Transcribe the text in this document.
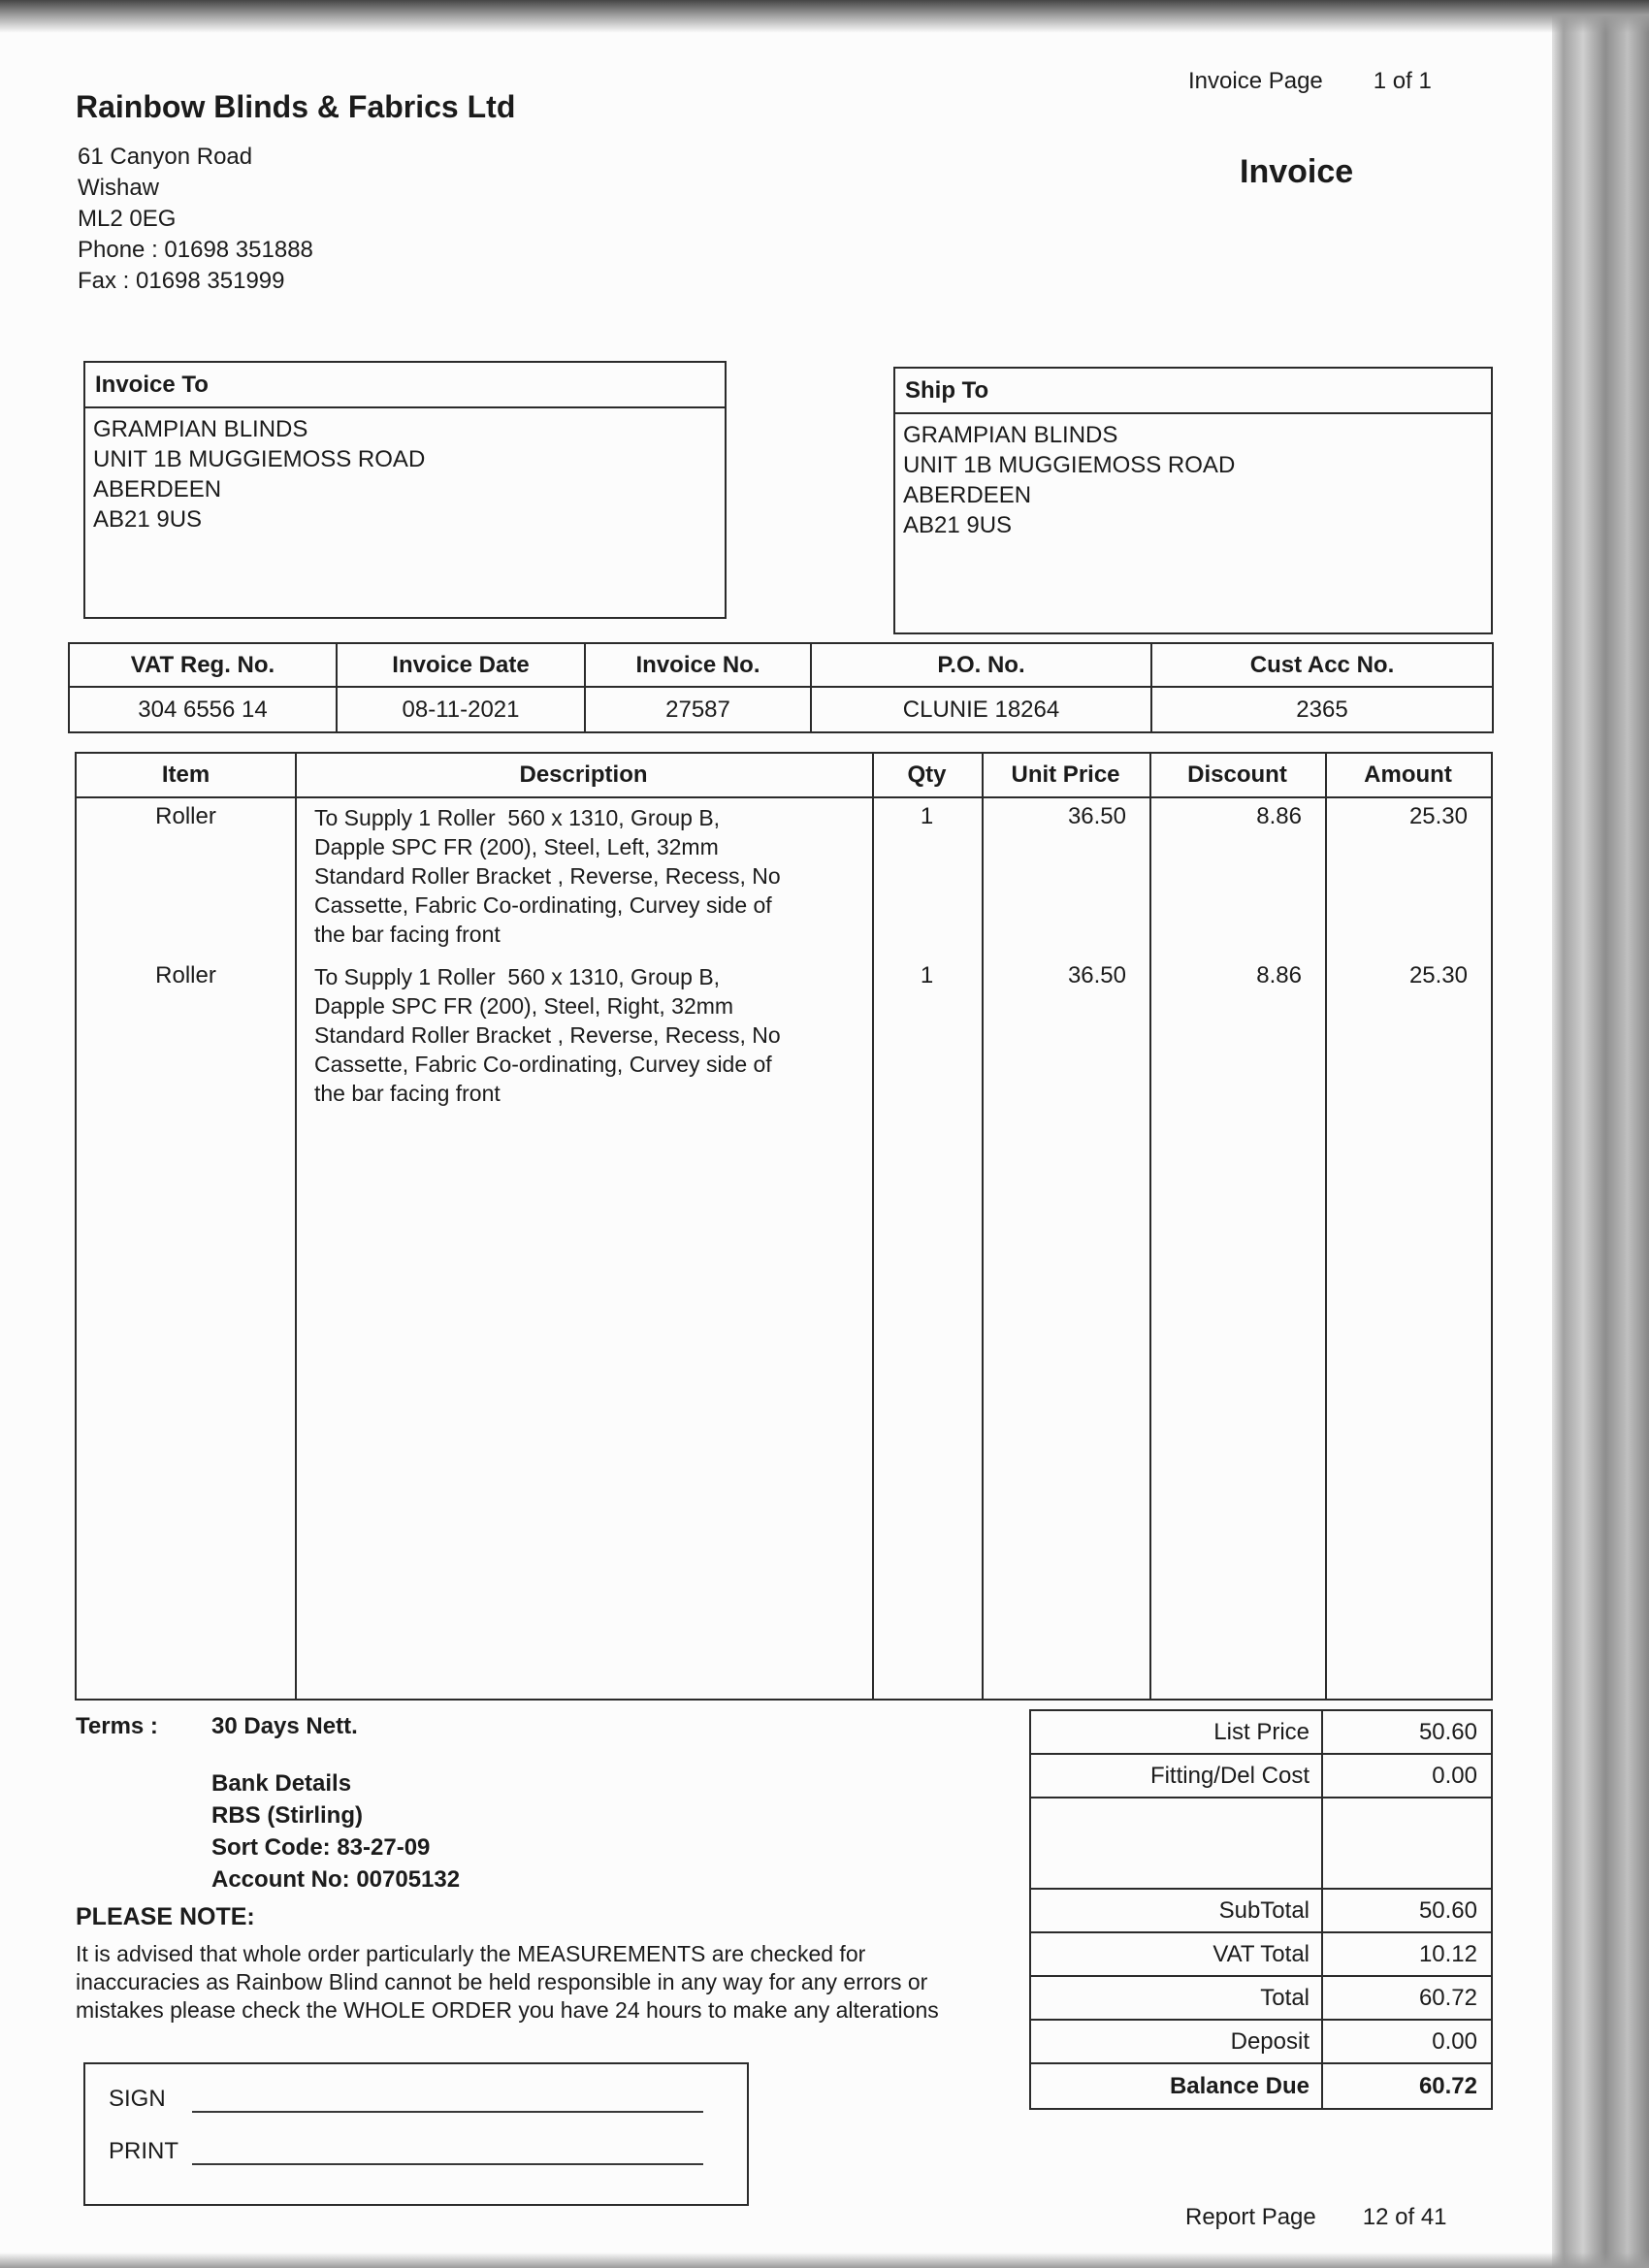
Invoice Page 1 of 1
Rainbow Blinds & Fabrics Ltd
61 Canyon Road
Wishaw
ML2 0EG
Phone : 01698 351888
Fax : 01698 351999
Invoice
Invoice To
GRAMPIAN BLINDS
UNIT 1B MUGGIEMOSS ROAD
ABERDEEN
AB21 9US
Ship To
GRAMPIAN BLINDS
UNIT 1B MUGGIEMOSS ROAD
ABERDEEN
AB21 9US
VAT Reg. No.	Invoice Date	Invoice No.	P.O. No.	Cust Acc No.
304 6556 14	08-11-2021	27587	CLUNIE 18264	2365
Item	Description	Qty	Unit Price	Discount	Amount
Roller	To Supply 1 Roller  560 x 1310, Group B,
Dapple SPC FR (200), Steel, Left, 32mm
Standard Roller Bracket , Reverse, Recess, No
Cassette, Fabric Co-ordinating, Curvey side of
the bar facing front
1	36.50	8.86	25.30
Roller	To Supply 1 Roller  560 x 1310, Group B,
Dapple SPC FR (200), Steel, Right, 32mm
Standard Roller Bracket , Reverse, Recess, No
Cassette, Fabric Co-ordinating, Curvey side of
the bar facing front
1	36.50	8.86	25.30
Terms : 30 Days Nett.
Bank Details
RBS (Stirling)
Sort Code: 83-27-09
Account No: 00705132
PLEASE NOTE:
It is advised that whole order particularly the MEASUREMENTS are checked for
inaccuracies as Rainbow Blind cannot be held responsible in any way for any errors or
mistakes please check the WHOLE ORDER you have 24 hours to make any alterations
List Price	50.60
Fitting/Del Cost	0.00
SubTotal	50.60
VAT Total	10.12
Total	60.72
Deposit	0.00
Balance Due	60.72
SIGN
PRINT
Report Page 12 of 41
